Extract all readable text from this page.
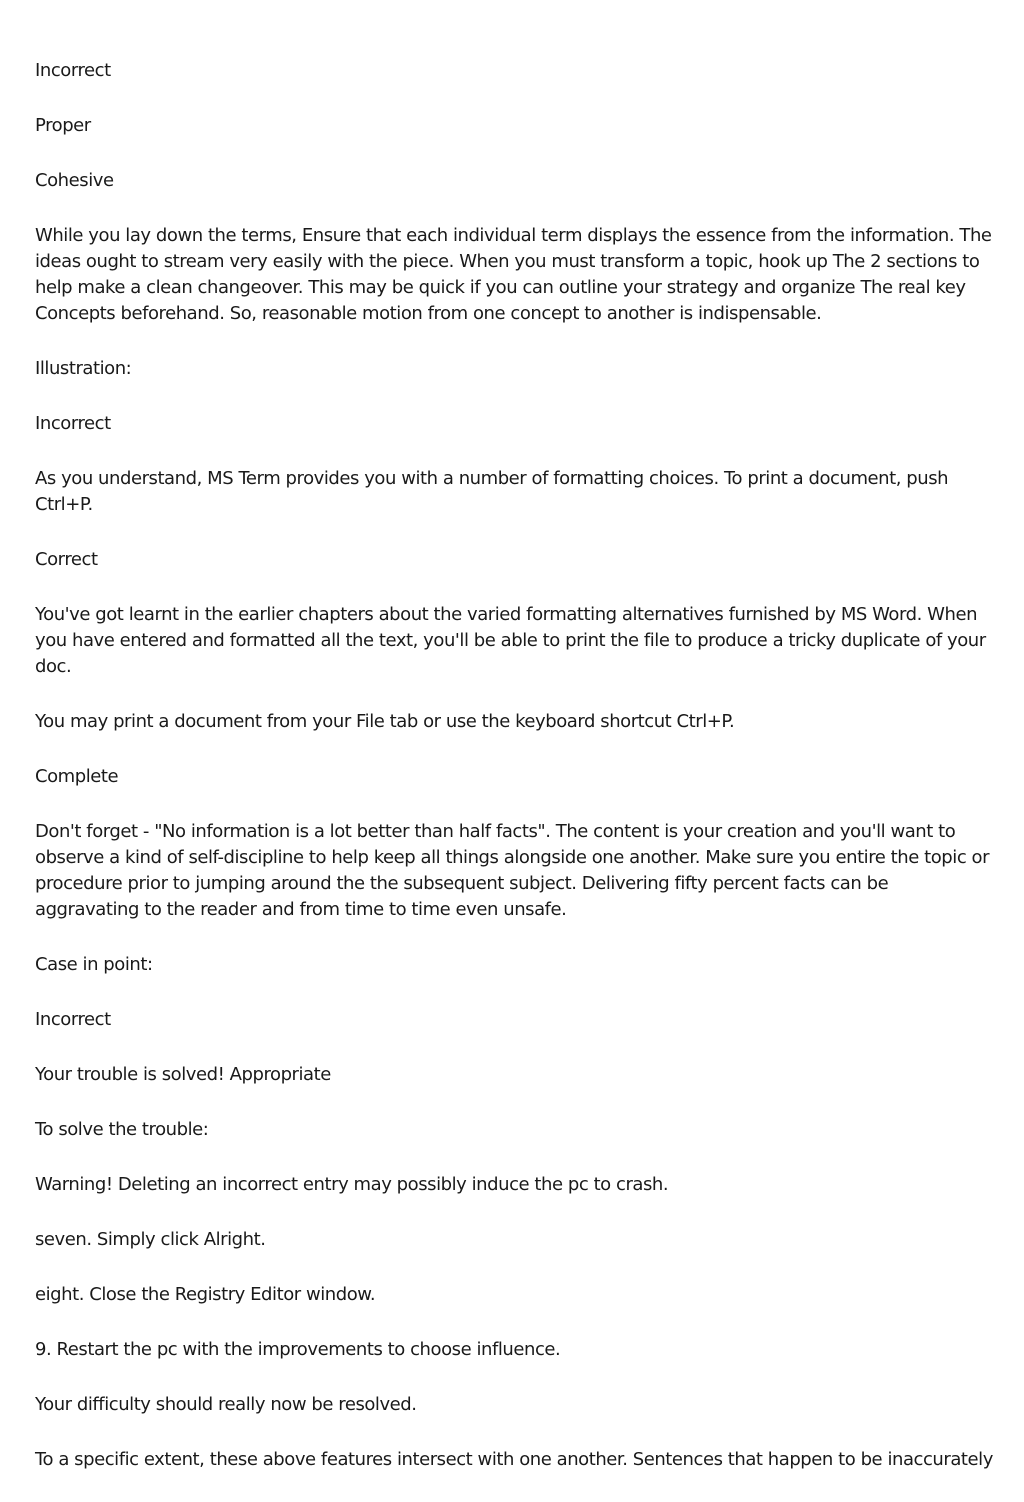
Incorrect

Proper

Cohesive

While you lay down the terms, Ensure that each individual term displays the essence from the information. The ideas ought to stream very easily with the piece. When you must transform a topic, hook up The 2 sections to help make a clean changeover. This may be quick if you can outline your strategy and organize The real key Concepts beforehand. So, reasonable motion from one concept to another is indispensable.

Illustration:

Incorrect

As you understand, MS Term provides you with a number of formatting choices. To print a document, push Ctrl+P.

Correct

You've got learnt in the earlier chapters about the varied formatting alternatives furnished by MS Word. When you have entered and formatted all the text, you'll be able to print the file to produce a tricky duplicate of your doc.

You may print a document from your File tab or use the keyboard shortcut Ctrl+P.

Complete

Don't forget - "No information is a lot better than half facts". The content is your creation and you'll want to observe a kind of self-discipline to help keep all things alongside one another. Make sure you entire the topic or procedure prior to jumping around the the subsequent subject. Delivering fifty percent facts can be aggravating to the reader and from time to time even unsafe.

Case in point:

Incorrect

Your trouble is solved! Appropriate

To solve the trouble:

Warning! Deleting an incorrect entry may possibly induce the pc to crash.

seven. Simply click Alright.

eight. Close the Registry Editor window.

9. Restart the pc with the improvements to choose influence.

Your difficulty should really now be resolved.

To a specific extent, these above features intersect with one another. Sentences that happen to be inaccurately
